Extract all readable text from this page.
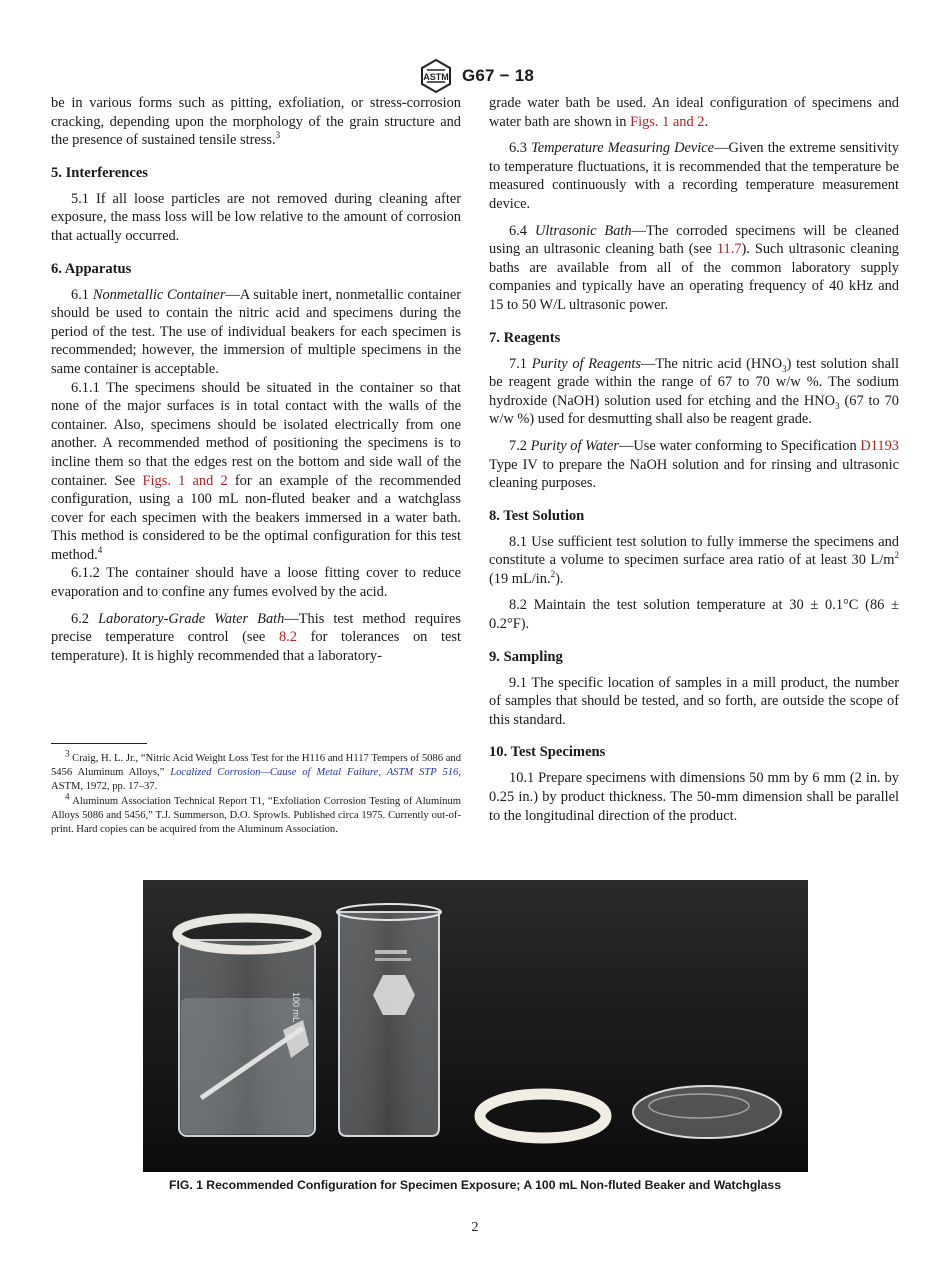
ASTM G67 − 18

be in various forms such as pitting, exfoliation, or stress-corrosion cracking, depending upon the morphology of the grain structure and the presence of sustained tensile stress.$^3$

5. Interferences

5.1 If all loose particles are not removed during cleaning after exposure, the mass loss will be low relative to the amount of corrosion that actually occurred.

6. Apparatus

6.1 Nonmetallic Container—A suitable inert, nonmetallic container should be used to contain the nitric acid and specimens during the period of the test. The use of individual beakers for each specimen is recommended; however, the immersion of multiple specimens in the same container is acceptable.

6.1.1 The specimens should be situated in the container so that none of the major surfaces is in total contact with the walls of the container. Also, specimens should be isolated electrically from one another. A recommended method of positioning the specimens is to incline them so that the edges rest on the bottom and side wall of the container. See Figs. 1 and 2 for an example of the recommended configuration, using a 100 mL non-fluted beaker and a watchglass cover for each specimen with the beakers immersed in a water bath. This method is considered to be the optimal configuration for this test method.$^4$

6.1.2 The container should have a loose fitting cover to reduce evaporation and to confine any fumes evolved by the acid.

6.2 Laboratory-Grade Water Bath—This test method requires precise temperature control (see 8.2 for tolerances on test temperature). It is highly recommended that a laboratory-

$^3$ Craig, H. L. Jr., “Nitric Acid Weight Loss Test for the H116 and H117 Tempers of 5086 and 5456 Aluminum Alloys,” Localized Corrosion—Cause of Metal Failure, ASTM STP 516, ASTM, 1972, pp. 17–37.

$^4$ Aluminum Association Technical Report T1, “Exfoliation Corrosion Testing of Aluminum Alloys 5086 and 5456,” T.J. Summerson, D.O. Sprowls. Published circa 1975. Currently out-of-print. Hard copies can be acquired from the Aluminum Association.

grade water bath be used. An ideal configuration of specimens and water bath are shown in Figs. 1 and 2.

6.3 Temperature Measuring Device—Given the extreme sensitivity to temperature fluctuations, it is recommended that the temperature be measured continuously with a recording temperature measurement device.

6.4 Ultrasonic Bath—The corroded specimens will be cleaned using an ultrasonic cleaning bath (see 11.7). Such ultrasonic cleaning baths are available from all of the common laboratory supply companies and typically have an operating frequency of 40 kHz and 15 to 50 W/L ultrasonic power.

7. Reagents

7.1 Purity of Reagents—The nitric acid $(HNO_3)$ test solution shall be reagent grade within the range of 67 to 70 w/w %. The sodium hydroxide (NaOH) solution used for etching and the $HNO_3$ (67 to 70 w/w %) used for desmutting shall also be reagent grade.

7.2 Purity of Water—Use water conforming to Specification D1193 Type IV to prepare the NaOH solution and for rinsing and ultrasonic cleaning purposes.

8. Test Solution

8.1 Use sufficient test solution to fully immerse the specimens and constitute a volume to specimen surface area ratio of at least 30 $L/m^2$ (19 mL/in.$^2$).

8.2 Maintain the test solution temperature at 30 ± 0.1°C (86 ± 0.2°F).

9. Sampling

9.1 The specific location of samples in a mill product, the number of samples that should be tested, and so forth, are outside the scope of this standard.

10. Test Specimens

10.1 Prepare specimens with dimensions 50 mm by 6 mm (2 in. by 0.25 in.) by product thickness. The 50-mm dimension shall be parallel to the longitudinal direction of the product.

100 mL
FIG. 1 Recommended Configuration for Specimen Exposure; A 100 mL Non-fluted Beaker and Watchglass
2
